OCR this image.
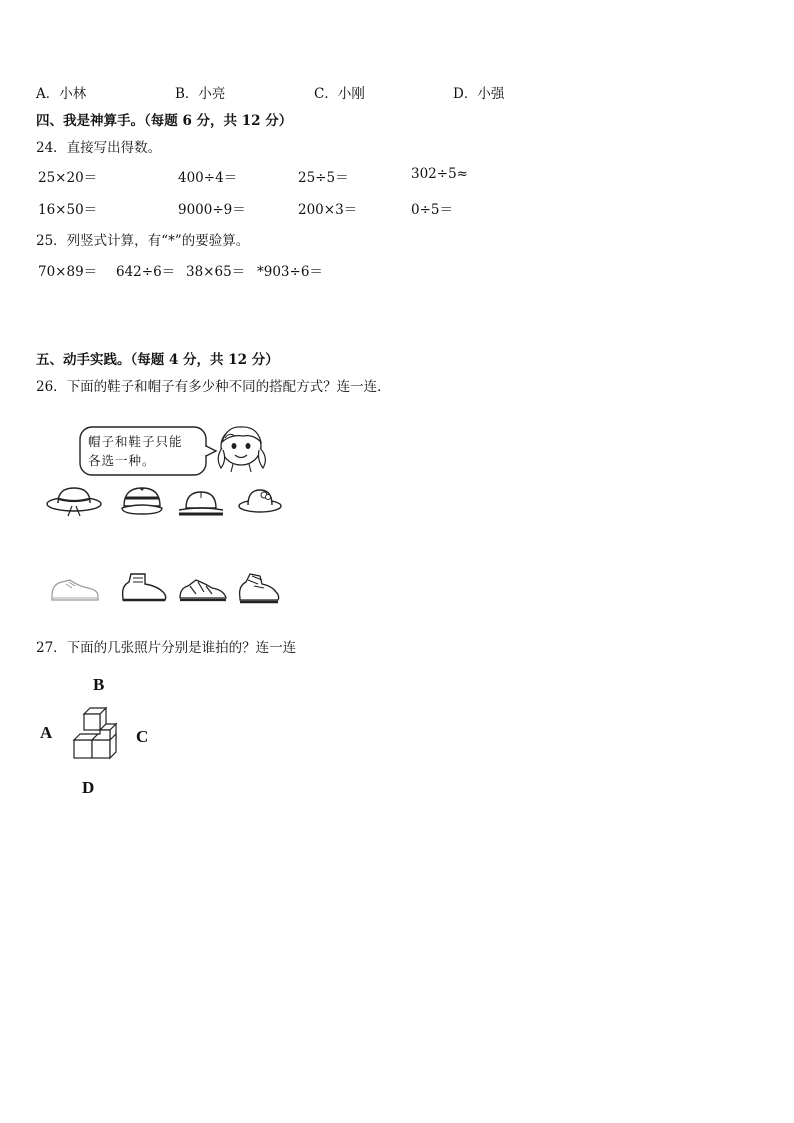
A．小林	B．小亮	C．小刚	D．小强
四、我是神算手。（每题 6 分，共 12 分）
24．直接写出得数。
25×20＝	400÷4＝	25÷5＝	302÷5≈
16×50＝	9000÷9＝	200×3＝	0÷5＝
25．列竖式计算，有“*”的要验算。
70×89＝ 642÷6＝ 38×65＝ *903÷6＝
五、动手实践。（每题 4 分，共 12 分）
26．下面的鞋子和帽子有多少种不同的搭配方式？连一连．
帽子和鞋子只能
各选一种。
27．下面的几张照片分别是谁拍的？连一连
B
A	C
D
